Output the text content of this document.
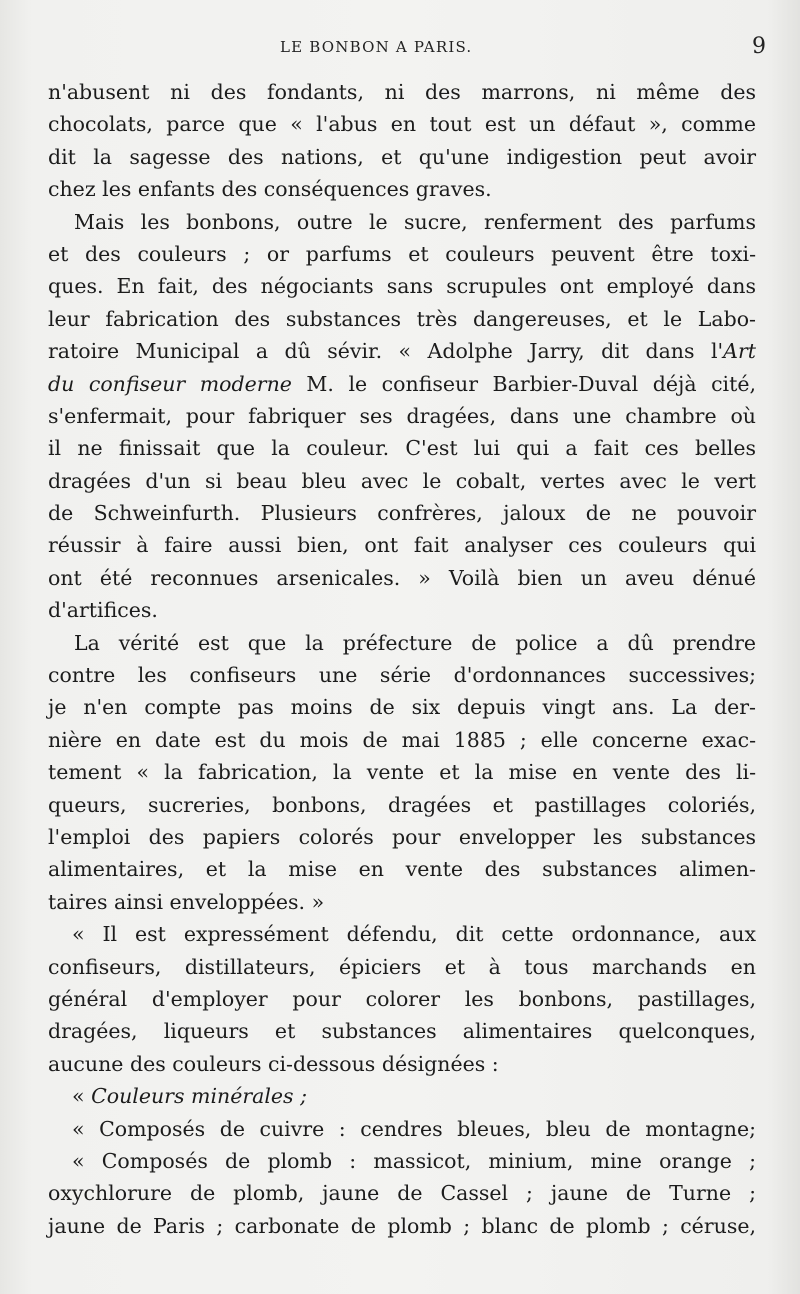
LE BONBON A PARIS.	9
n'abusent ni des fondants, ni des marrons, ni même des
chocolats, parce que « l'abus en tout est un défaut », comme
dit la sagesse des nations, et qu'une indigestion peut avoir
chez les enfants des conséquences graves.
Mais les bonbons, outre le sucre, renferment des parfums
et des couleurs ; or parfums et couleurs peuvent être toxi-
ques. En fait, des négociants sans scrupules ont employé dans
leur fabrication des substances très dangereuses, et le Labo-
ratoire Municipal a dû sévir. « Adolphe Jarry, dit dans l'Art
du confiseur moderne M. le confiseur Barbier-Duval déjà cité,
s'enfermait, pour fabriquer ses dragées, dans une chambre où
il ne finissait que la couleur. C'est lui qui a fait ces belles
dragées d'un si beau bleu avec le cobalt, vertes avec le vert
de Schweinfurth. Plusieurs confrères, jaloux de ne pouvoir
réussir à faire aussi bien, ont fait analyser ces couleurs qui
ont été reconnues arsenicales. » Voilà bien un aveu dénué
d'artifices.
La vérité est que la préfecture de police a dû prendre
contre les confiseurs une série d'ordonnances successives;
je n'en compte pas moins de six depuis vingt ans. La der-
nière en date est du mois de mai 1885 ; elle concerne exac-
tement « la fabrication, la vente et la mise en vente des li-
queurs, sucreries, bonbons, dragées et pastillages coloriés,
l'emploi des papiers colorés pour envelopper les substances
alimentaires, et la mise en vente des substances alimen-
taires ainsi enveloppées. »
« Il est expressément défendu, dit cette ordonnance, aux
confiseurs, distillateurs, épiciers et à tous marchands en
général d'employer pour colorer les bonbons, pastillages,
dragées, liqueurs et substances alimentaires quelconques,
aucune des couleurs ci-dessous désignées :
« Couleurs minérales ;
« Composés de cuivre : cendres bleues, bleu de montagne;
« Composés de plomb : massicot, minium, mine orange ;
oxychlorure de plomb, jaune de Cassel ; jaune de Turne ;
jaune de Paris ; carbonate de plomb ; blanc de plomb ; céruse,
